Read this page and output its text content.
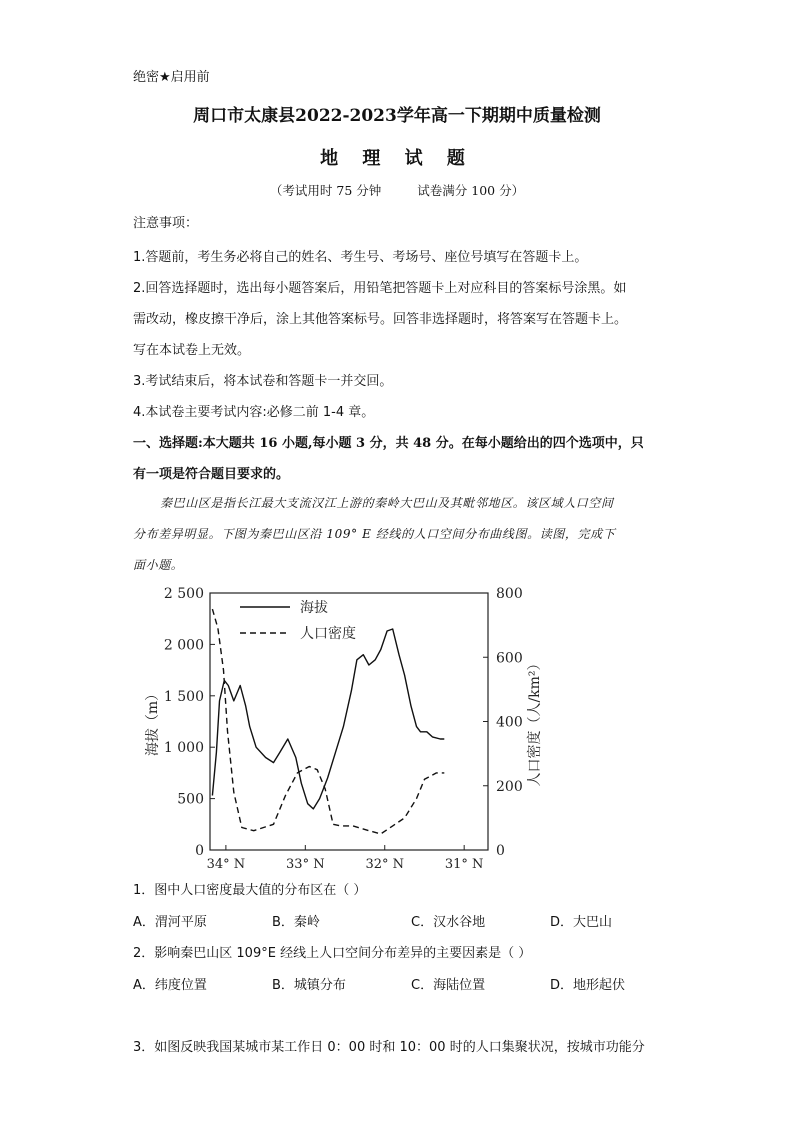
绝密★启用前
周口市太康县2022-2023学年高一下期期中质量检测
地 理 试 题
（考试用时 75 分钟	试卷满分 100 分）
注意事项：
1.答题前，考生务必将自己的姓名、考生号、考场号、座位号填写在答题卡上。
2.回答选择题时，选出每小题答案后，用铅笔把答题卡上对应科目的答案标号涂黑。如
需改动，橡皮擦干净后，涂上其他答案标号。回答非选择题时，将答案写在答题卡上。
写在本试卷上无效。
3.考试结束后，将本试卷和答题卡一并交回。
4.本试卷主要考试内容:必修二前 1-4 章。
一、选择题:本大题共 16 小题,每小题 3 分，共 48 分。在每小题给出的四个选项中，只
有一项是符合题目要求的。
秦巴山区是指长江最大支流汉江上游的秦岭大巴山及其毗邻地区。该区域人口空间
分布差异明显。下图为秦巴山区沿 109° E 经线的人口空间分布曲线图。读图，完成下
面小题。
0
500
1 000
1 500
2 000
2 500
0
200
400
600
800
34° N	33° N	32° N	31° N
海拔（m）	人口密度（人/km²）
海拔
人口密度
1．图中人口密度最大值的分布区在（ ）
A．渭河平原	B．秦岭	C．汉水谷地	D．大巴山
2．影响秦巴山区 109°E 经线上人口空间分布差异的主要因素是（ ）
A．纬度位置	B．城镇分布	C．海陆位置	D．地形起伏
3．如图反映我国某城市某工作日 0：00 时和 10：00 时的人口集聚状况，按城市功能分
